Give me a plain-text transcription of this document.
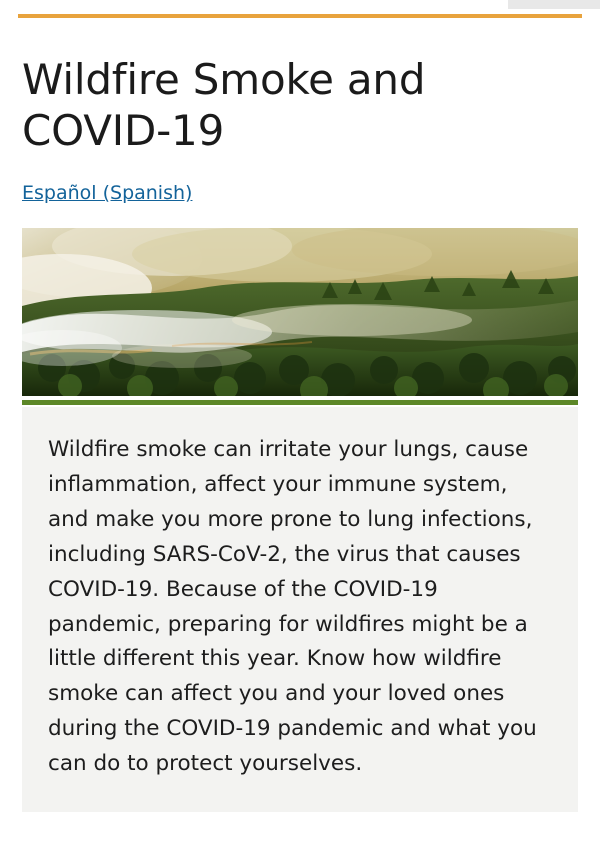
Wildfire Smoke and COVID-19
Español (Spanish)

Wildfire smoke can irritate your lungs, cause inflammation, affect your immune system, and make you more prone to lung infections, including SARS-CoV-2, the virus that causes COVID-19. Because of the COVID-19 pandemic, preparing for wildfires might be a little different this year. Know how wildfire smoke can affect you and your loved ones during the COVID-19 pandemic and what you can do to protect yourselves.
